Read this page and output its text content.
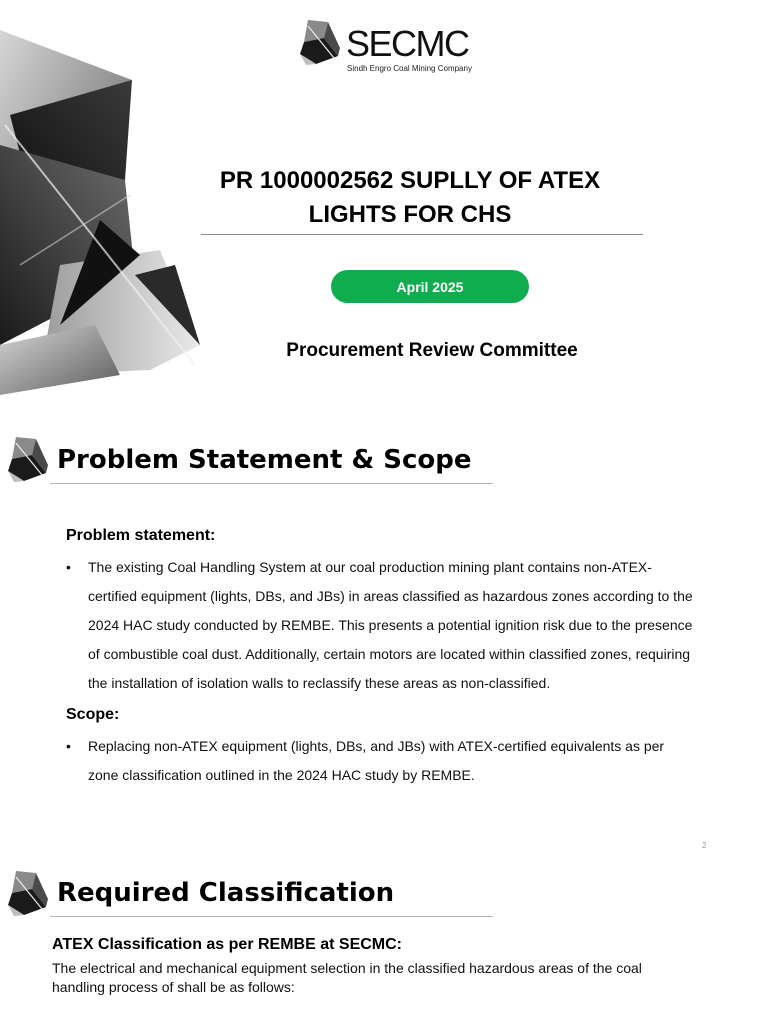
SECMC
Sindh Engro Coal Mining Company
PR 1000002562 SUPLLY OF ATEX LIGHTS FOR CHS
April 2025
Procurement Review Committee
Problem Statement & Scope
Problem statement:
• The existing Coal Handling System at our coal production mining plant contains non-ATEX-certified equipment (lights, DBs, and JBs) in areas classified as hazardous zones according to the 2024 HAC study conducted by REMBE. This presents a potential ignition risk due to the presence of combustible coal dust. Additionally, certain motors are located within classified zones, requiring the installation of isolation walls to reclassify these areas as non-classified.
Scope:
• Replacing non-ATEX equipment (lights, DBs, and JBs) with ATEX-certified equivalents as per zone classification outlined in the 2024 HAC study by REMBE.
2
Required Classification
ATEX Classification as per REMBE at SECMC:

The electrical and mechanical equipment selection in the classified hazardous areas of the coal handling process of shall be as follows:
